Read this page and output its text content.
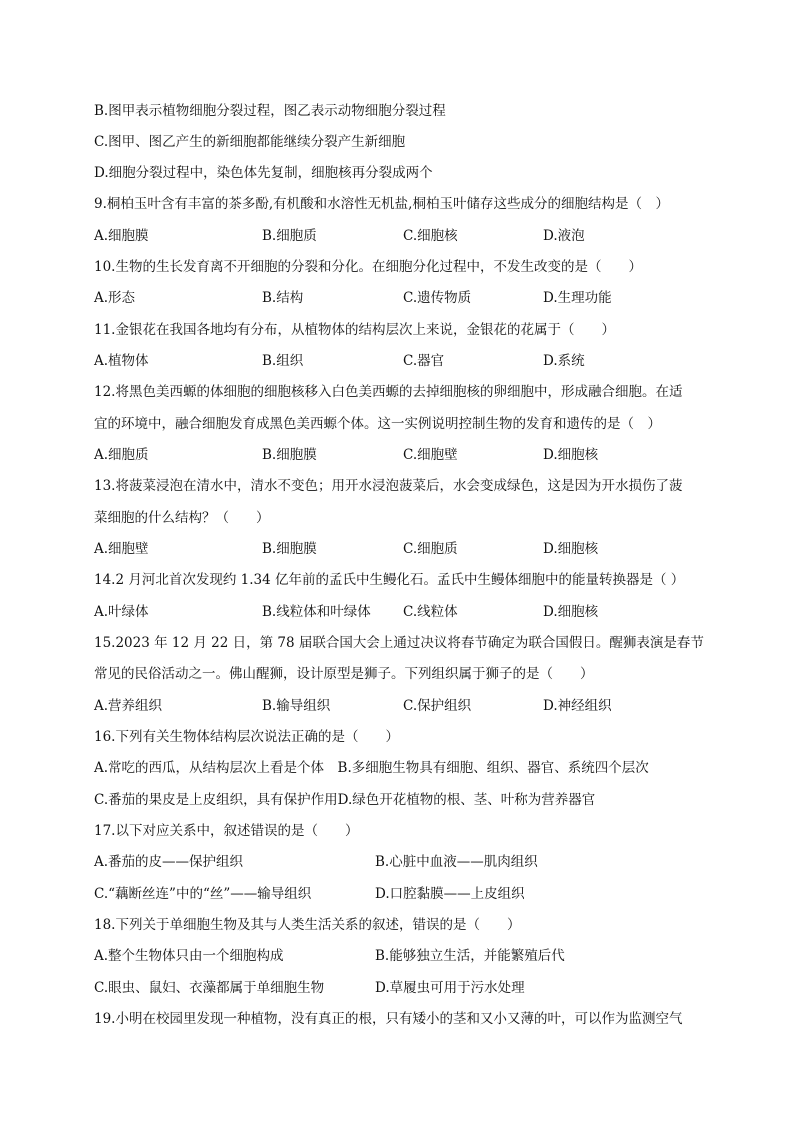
B.图甲表示植物细胞分裂过程，图乙表示动物细胞分裂过程
C.图甲、图乙产生的新细胞都能继续分裂产生新细胞
D.细胞分裂过程中，染色体先复制，细胞核再分裂成两个
9.桐柏玉叶含有丰富的茶多酚,有机酸和水溶性无机盐,桐柏玉叶储存这些成分的细胞结构是（　）
A.细胞膜	B.细胞质	C.细胞核	D.液泡
10.生物的生长发育离不开细胞的分裂和分化。在细胞分化过程中，不发生改变的是（　　）
A.形态	B.结构	C.遗传物质	D.生理功能
11.金银花在我国各地均有分布，从植物体的结构层次上来说，金银花的花属于（　　）
A.植物体	B.组织	C.器官	D.系统
12.将黑色美西螈的体细胞的细胞核移入白色美西螈的去掉细胞核的卵细胞中，形成融合细胞。在适
宜的环境中，融合细胞发育成黑色美西螈个体。这一实例说明控制生物的发育和遗传的是（　）
A.细胞质	B.细胞膜	C.细胞壁	D.细胞核
13.将菠菜浸泡在清水中，清水不变色；用开水浸泡菠菜后，水会变成绿色，这是因为开水损伤了菠
菜细胞的什么结构？（　　）
A.细胞壁	B.细胞膜	C.细胞质	D.细胞核
14.2 月河北首次发现约 1.34 亿年前的孟氏中生鳗化石。孟氏中生鳗体细胞中的能量转换器是（ ）
A.叶绿体	B.线粒体和叶绿体 C.线粒体	D.细胞核
15.2023 年 12 月 22 日，第 78 届联合国大会上通过决议将春节确定为联合国假日。醒狮表演是春节
常见的民俗活动之一。佛山醒狮，设计原型是狮子。下列组织属于狮子的是（　　）
A.营养组织	B.输导组织	C.保护组织	D.神经组织
16.下列有关生物体结构层次说法正确的是（　　）
A.常吃的西瓜，从结构层次上看是个体　B.多细胞生物具有细胞、组织、器官、系统四个层次
C.番茄的果皮是上皮组织，具有保护作用D.绿色开花植物的根、茎、叶称为营养器官
17.以下对应关系中，叙述错误的是（　　）
A.番茄的皮——保护组织	B.心脏中血液——肌肉组织
C.“藕断丝连”中的“丝”——输导组织	D.口腔黏膜——上皮组织
18.下列关于单细胞生物及其与人类生活关系的叙述，错误的是（　　）
A.整个生物体只由一个细胞构成	B.能够独立生活，并能繁殖后代
C.眼虫、鼠妇、衣藻都属于单细胞生物	D.草履虫可用于污水处理
19.小明在校园里发现一种植物，没有真正的根，只有矮小的茎和又小又薄的叶，可以作为监测空气
